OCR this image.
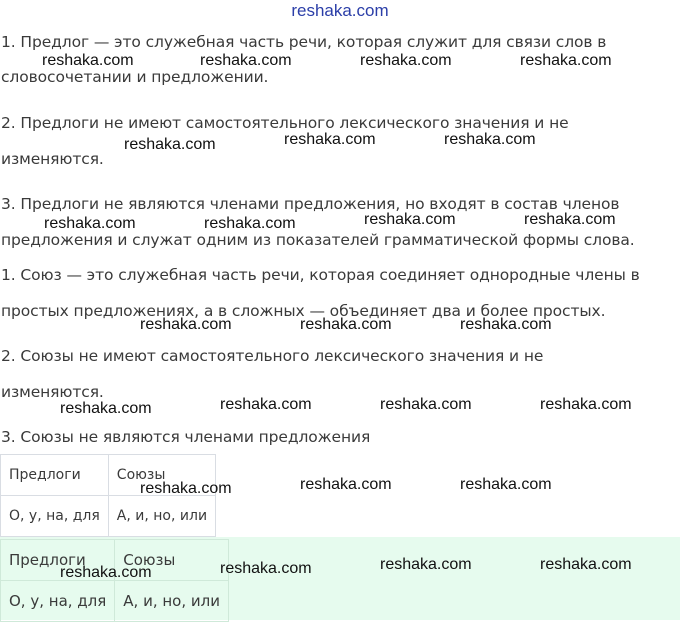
reshaka.com
1. Предлог — это служебная часть речи, которая служит для связи слов в
словосочетании и предложении.
2. Предлоги не имеют самостоятельного лексического значения и не
изменяются.
3. Предлоги не являются членами предложения, но входят в состав членов
предложения и служат одним из показателей грамматической формы слова.
1. Союз — это служебная часть речи, которая соединяет однородные члены в
простых предложениях, а в сложных — объединяет два и более простых.
2. Союзы не имеют самостоятельного лексического значения и не
изменяются.
3. Союзы не являются членами предложения
Предлоги	Союзы
О, у, на, для	А, и, но, или
Предлоги	Союзы
О, у, на, для	А, и, но, или
reshaka.com	reshaka.com	reshaka.com	reshaka.com
reshaka.com	reshaka.com	reshaka.com
reshaka.com	reshaka.com	reshaka.com	reshaka.com
reshaka.com	reshaka.com	reshaka.com
reshaka.com	reshaka.com	reshaka.com	reshaka.com
reshaka.com	reshaka.com	reshaka.com
reshaka.com	reshaka.com	reshaka.com	reshaka.com
